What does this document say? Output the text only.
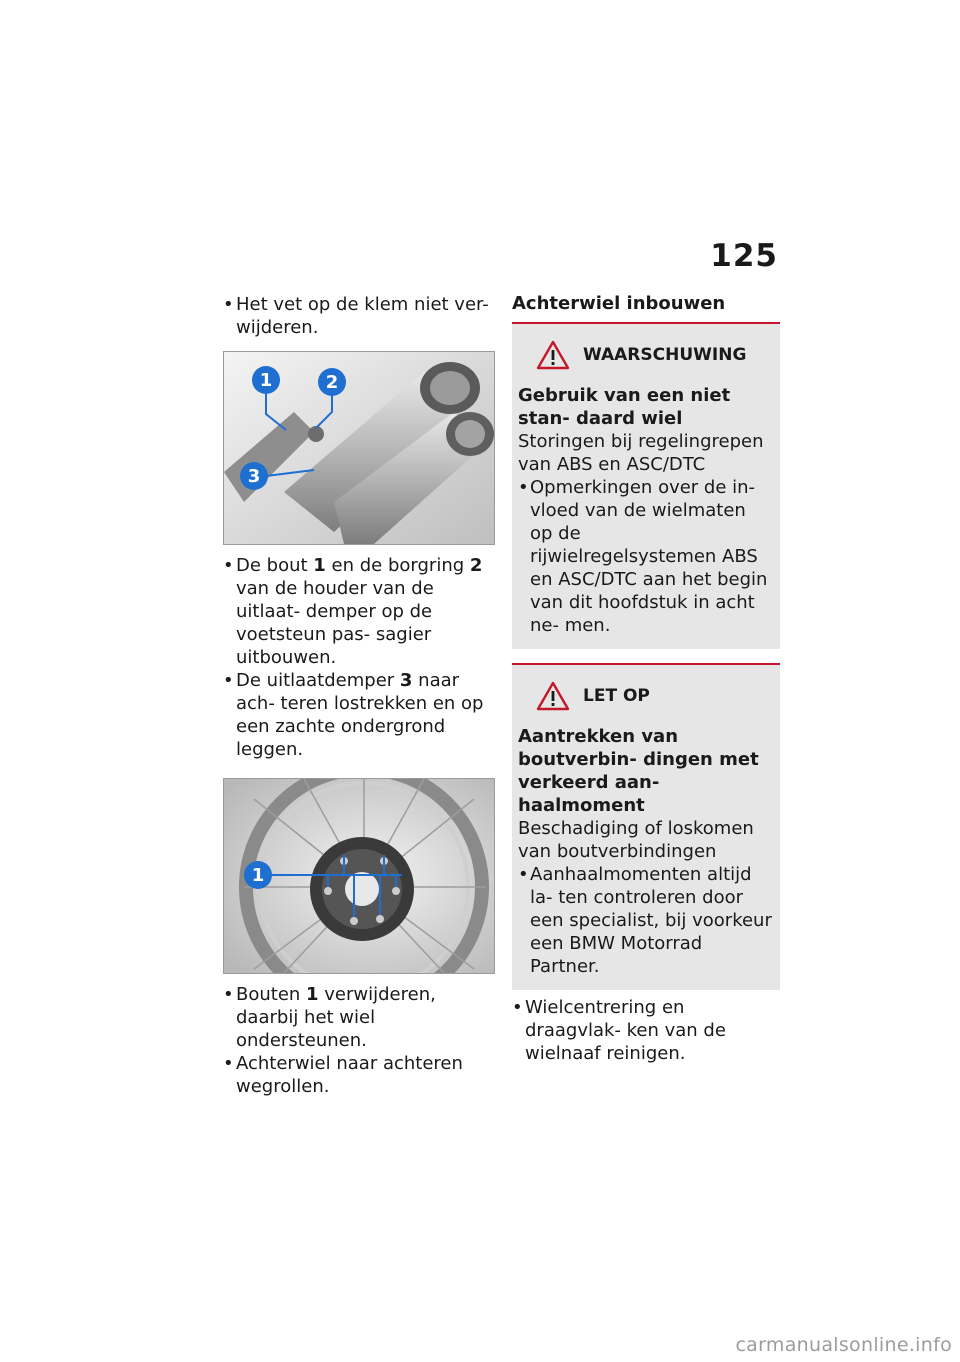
125

• Het vet op de klem niet ver- wijderen.

1	2
3

• De bout 1 en de borgring 2 van de houder van de uitlaat- demper op de voetsteun pas- sagier uitbouwen.

• De uitlaatdemper 3 naar ach- teren lostrekken en op een zachte ondergrond leggen.

1

• Bouten 1 verwijderen, daarbij het wiel ondersteunen.

• Achterwiel naar achteren wegrollen.

Achterwiel inbouwen
WAARSCHUWING
Gebruik van een niet stan- daard wiel
Storingen bij regelingrepen van ABS en ASC/DTC
• Opmerkingen over de in- vloed van de wielmaten op de rijwielregelsystemen ABS en ASC/DTC aan het begin van dit hoofdstuk in acht ne- men.
LET OP
Aantrekken van boutverbin- dingen met verkeerd aan- haalmoment
Beschadiging of loskomen van boutverbindingen
• Aanhaalmomenten altijd la- ten controleren door een specialist, bij voorkeur een BMW Motorrad Partner.

• Wielcentrering en draagvlak- ken van de wielnaaf reinigen.

carmanualsonline.info
